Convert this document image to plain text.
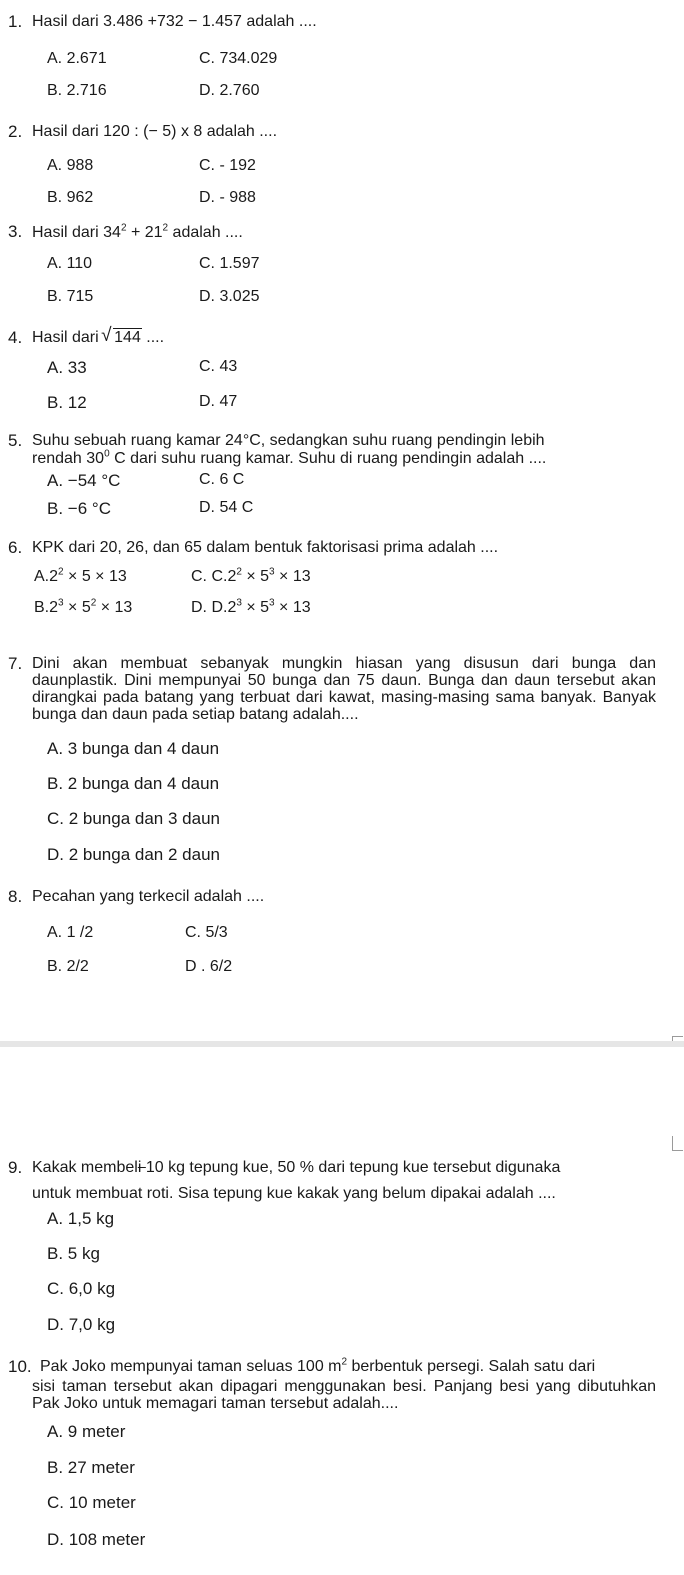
1. Hasil dari 3.486 +732 − 1.457 adalah ....
A. 2.671	C. 734.029
B. 2.716	D. 2.760
2. Hasil dari 120 : (− 5) x 8 adalah ....
A. 988	C. - 192
B. 962	D. - 988
3. Hasil dari $34^2 + 21^2$ adalah ....
A. 110	C. 1.597
B. 715	D. 3.025
4. Hasil dari
√ 144 ....
A. 33	C. 43
B. 12	D. 47
5. Suhu sebuah ruang kamar 24°C, sedangkan suhu ruang pendingin lebih
rendah $30^0$ C dari suhu ruang kamar. Suhu di ruang pendingin adalah ....
A. −54 °C	C. 6 C
B. −6 °C	D. 54 C
6. KPK dari 20, 26, dan 65 dalam bentuk faktorisasi prima adalah ....
$A.2^2 \times 5 \times 13$	C. $C.2^2 \times 5^3 \times 13$
$B.2^3 \times 5^2 \times 13$	D. $D.2^3 \times 5^3 \times 13$
7. Dini akan membuat sebanyak mungkin hiasan yang disusun dari bunga dan daunplastik. Dini mempunyai 50 bunga dan 75 daun. Bunga dan daun tersebut akan dirangkai pada batang yang terbuat dari kawat, masing-masing sama banyak. Banyak bunga dan daun pada setiap batang adalah....
A. 3 bunga dan 4 daun
B. 2 bunga dan 4 daun
C. 2 bunga dan 3 daun
D. 2 bunga dan 2 daun
8. Pecahan yang terkecil adalah ....
A. 1 /2	C. 5/3
B. 2/2	D . 6/2
9. Kakak membeli 10 kg tepung kue, 50 % dari tepung kue tersebut digunaka
untuk membuat roti. Sisa tepung kue kakak yang belum dipakai adalah ....
A. 1,5 kg
B. 5 kg
C. 6,0 kg
D. 7,0 kg
10. Pak Joko mempunyai taman seluas 100 $m^2$ berbentuk persegi. Salah satu dari
sisi taman tersebut akan dipagari menggunakan besi. Panjang besi yang dibutuhkan Pak Joko untuk memagari taman tersebut adalah....
A. 9 meter
B. 27 meter
C. 10 meter
D. 108 meter
